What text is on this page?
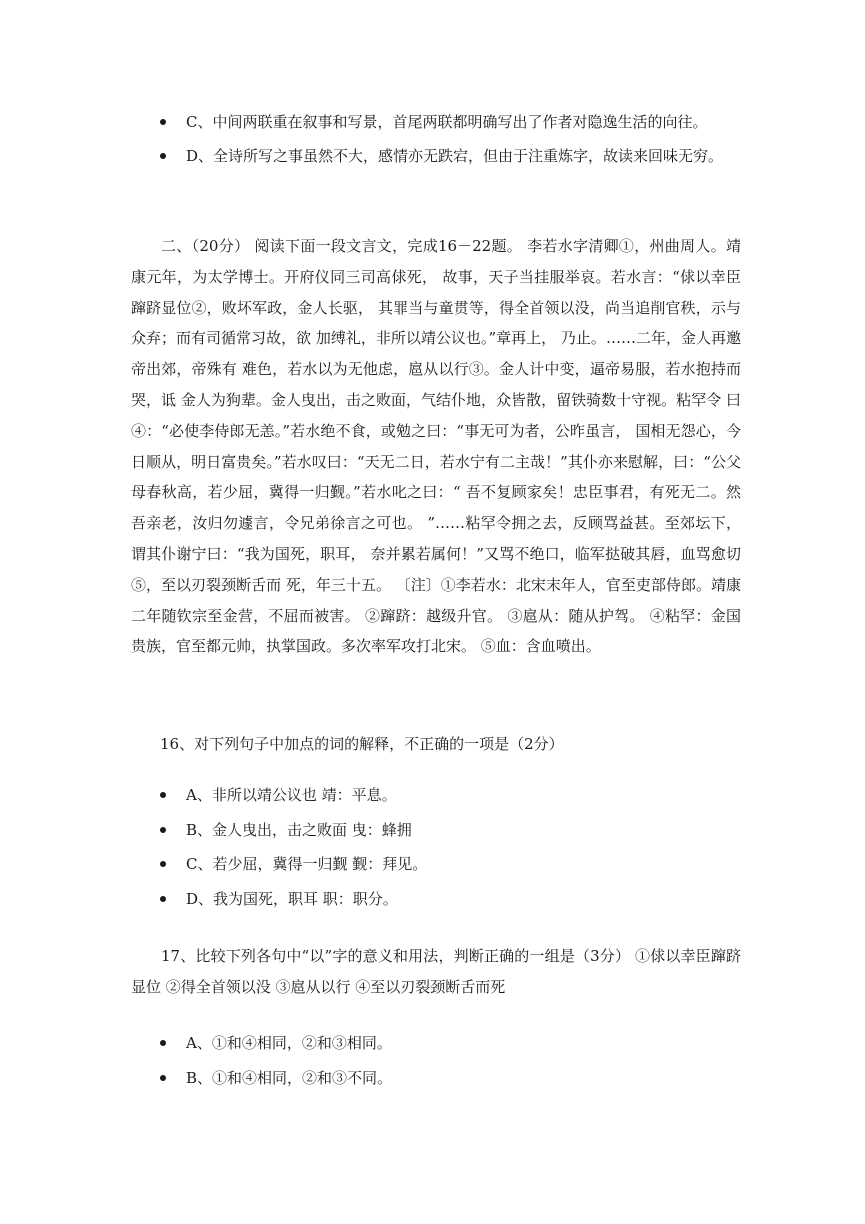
C、中间两联重在叙事和写景，首尾两联都明确写出了作者对隐逸生活的向往。
D、全诗所写之事虽然不大，感情亦无跌宕，但由于注重炼字，故读来回味无穷。

二、（20分） 阅读下面一段文言文，完成16－22题。 李若水字清卿①，州曲周人。靖康元年，为太学博士。开府仪同三司高俅死， 故事，天子当挂服举哀。若水言：“俅以幸臣蹿跻显位②，败坏军政，金人长驱， 其罪当与童贯等，得全首领以没，尚当追削官秩，示与众弃；而有司循常习故，欲 加缚礼，非所以靖公议也。”章再上， 乃止。……二年，金人再邀帝出郊，帝殊有 难色，若水以为无他虑，扈从以行③。金人计中变，逼帝易服，若水抱持而哭，诋 金人为狗辈。金人曳出，击之败面，气结仆地，众皆散，留铁骑数十守视。粘罕令 曰④：“必使李侍郎无恙。”若水绝不食，或勉之曰：“事无可为者，公昨虽言， 国相无怨心，今日顺从，明日富贵矣。”若水叹曰：“天无二日，若水宁有二主哉！”其仆亦来慰解，曰：“公父母春秋高，若少屈，冀得一归觐。”若水叱之曰：“ 吾不复顾家矣！忠臣事君，有死无二。然吾亲老，汝归勿遽言，令兄弟徐言之可也。 ”……粘罕令拥之去，反顾骂益甚。至郊坛下，谓其仆谢宁曰：“我为国死，职耳， 奈并累若属何！”又骂不绝口，临军挞破其唇，血骂愈切⑤，至以刃裂颈断舌而 死，年三十五。 〔注〕①李若水：北宋末年人，官至吏部侍郎。靖康二年随钦宗至金营，不屈而被害。 ②蹿跻：越级升官。 ③扈从：随从护驾。 ④粘罕：金国贵族，官至都元帅，执掌国政。多次率军攻打北宋。 ⑤血：含血喷出。

16、对下列句子中加点的词的解释，不正确的一项是（2分）

A、非所以靖公议也 靖：平息。
B、金人曳出，击之败面 曳：蜂拥
C、若少屈，冀得一归觐 觐：拜见。
D、我为国死，职耳 职：职分。

17、比较下列各句中“以”字的意义和用法，判断正确的一组是（3分） ①俅以幸臣蹿跻显位 ②得全首领以没 ③扈从以行 ④至以刃裂颈断舌而死

A、①和④相同，②和③相同。
B、①和④相同，②和③不同。
